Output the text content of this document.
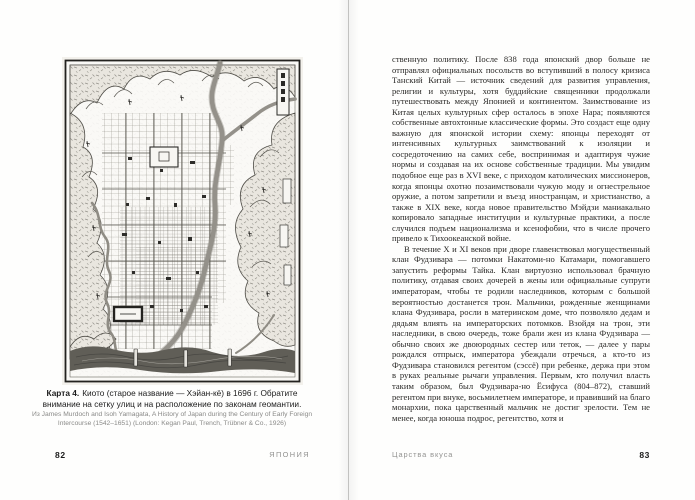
Карта 4. Киото (старое название — Хэйан-кё) в 1696 г. Обратите внимание на сетку улиц и на расположение по законам геомантии.
Из James Murdoch and Isoh Yamagata, A History of Japan during the Century of Early Foreign Intercourse (1542–1651) (London: Kegan Paul, Trench, Trübner & Co., 1926)
82	ЯПОНИЯ

ственную политику. После 838 года японский двор больше не отправлял официальных посольств во вступивший в полосу кризиса Танский Китай — источник сведений для развития управления, религии и культуры, хотя буддийские священники продолжали путешествовать между Японией и континентом. Заимствование из Китая целых культурных сфер осталось в эпохе Нара; появляются собственные автохтонные классические формы. Это создаст еще одну важную для японской истории схему: японцы переходят от интенсивных культурных заимствований к изоляции и сосредоточению на самих себе, воспринимая и адаптируя чужие нормы и создавая на их основе собственные традиции. Мы увидим подобное еще раз в XVI веке, с приходом католических миссионеров, когда японцы охотно позаимствовали чужую моду и огнестрельное оружие, а потом запретили и въезд иностранцам, и христианство, а также в XIX веке, когда новое правительство Мэйдзи маниакально копировало западные институции и культурные практики, а после случился подъем национализма и ксенофобии, что в числе прочего привело к Тихоокеанской войне.

В течение X и XI веков при дворе главенствовал могущественный клан Фудзивара — потомки Накатоми-но Катамари, помогавшего запустить реформы Тайка. Клан виртуозно использовал брачную политику, отдавая своих дочерей в жены или официальные супруги императорам, чтобы те родили наследников, которым с большой вероятностью достанется трон. Мальчики, рожденные женщинами клана Фудзивара, росли в материнском доме, что позволяло дедам и дядьям влиять на императорских потомков. Взойдя на трон, эти наследники, в свою очередь, тоже брали жен из клана Фудзивара — обычно своих же двоюродных сестер или теток, — далее у пары рождался отпрыск, императора убеждали отречься, а кто-то из Фудзивара становился регентом (сэссё) при ребенке, держа при этом в руках реальные рычаги управления. Первым, кто получил власть таким образом, был Фудзивара-но Ёсифуса (804–872), ставший регентом при внуке, восьмилетнем императоре, и правивший на благо монархии, пока царственный мальчик не достиг зрелости. Тем не менее, когда юноша подрос, регентство, хотя и

Царства вкуса	83
